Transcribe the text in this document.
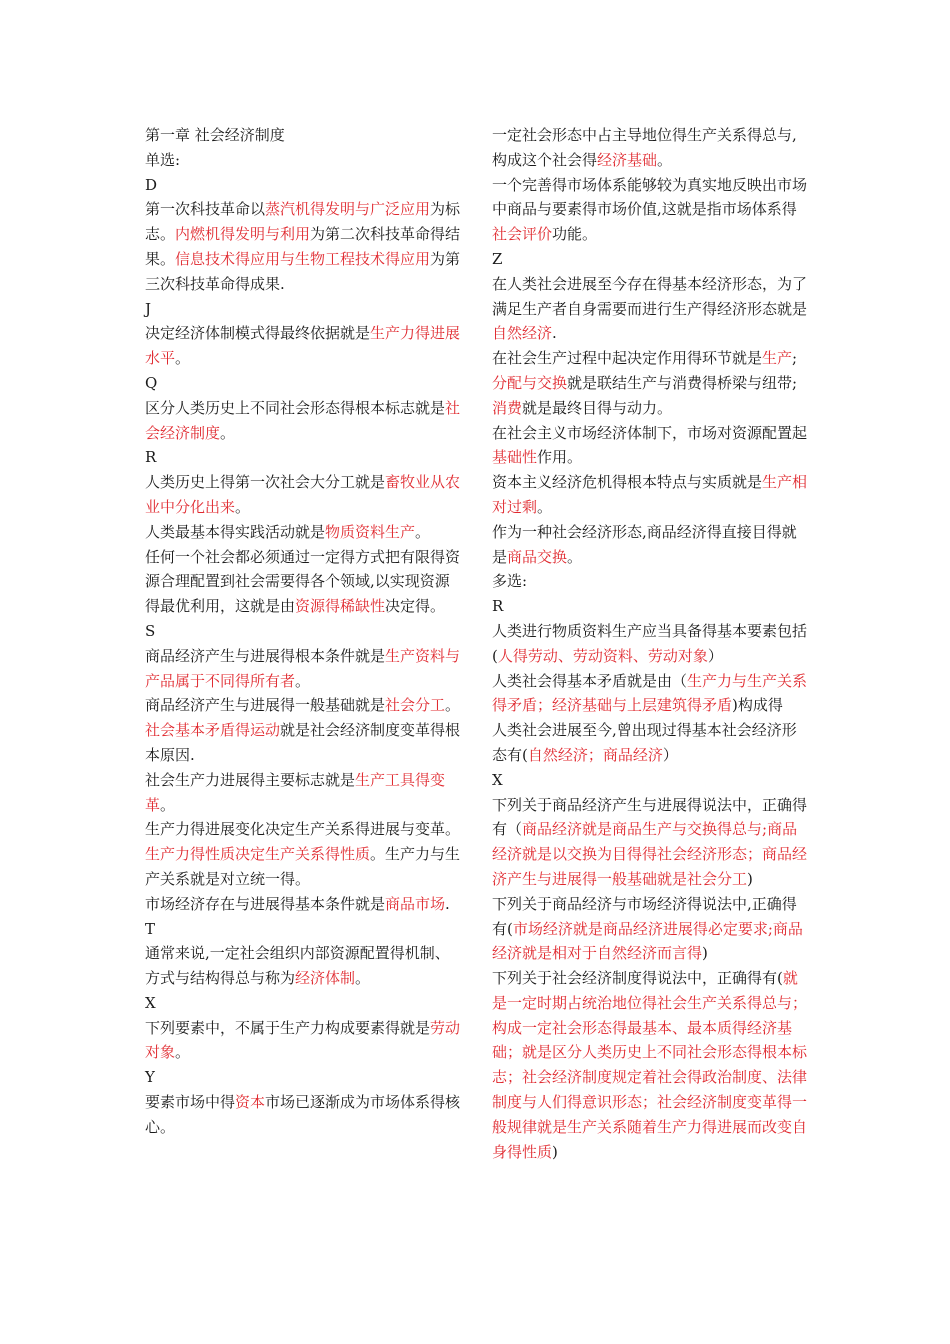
第一章 社会经济制度

单选:

D

第一次科技革命以蒸汽机得发明与广泛应用为标志。内燃机得发明与利用为第二次科技革命得结果。信息技术得应用与生物工程技术得应用为第三次科技革命得成果.

J

决定经济体制模式得最终依据就是生产力得进展水平。

Q

区分人类历史上不同社会形态得根本标志就是社会经济制度。

R

人类历史上得第一次社会大分工就是畜牧业从农业中分化出来。

人类最基本得实践活动就是物质资料生产。

任何一个社会都必须通过一定得方式把有限得资源合理配置到社会需要得各个领域,以实现资源得最优利用，这就是由资源得稀缺性决定得。

S

商品经济产生与进展得根本条件就是生产资料与产品属于不同得所有者。

商品经济产生与进展得一般基础就是社会分工。

社会基本矛盾得运动就是社会经济制度变革得根本原因.

社会生产力进展得主要标志就是生产工具得变革。

生产力得进展变化决定生产关系得进展与变革。生产力得性质决定生产关系得性质。生产力与生产关系就是对立统一得。

市场经济存在与进展得基本条件就是商品市场.

T

通常来说,一定社会组织内部资源配置得机制、方式与结构得总与称为经济体制。

X

下列要素中，不属于生产力构成要素得就是劳动对象。

Y

要素市场中得资本市场已逐渐成为市场体系得核心。

一定社会形态中占主导地位得生产关系得总与,构成这个社会得经济基础。

一个完善得市场体系能够较为真实地反映出市场中商品与要素得市场价值,这就是指市场体系得社会评价功能。

Z

在人类社会进展至今存在得基本经济形态，为了满足生产者自身需要而进行生产得经济形态就是自然经济.

在社会生产过程中起决定作用得环节就是生产;分配与交换就是联结生产与消费得桥梁与纽带;消费就是最终目得与动力。

在社会主义市场经济体制下，市场对资源配置起基础性作用。

资本主义经济危机得根本特点与实质就是生产相对过剩。

作为一种社会经济形态,商品经济得直接目得就是商品交换。

多选:

R

人类进行物质资料生产应当具备得基本要素包括(人得劳动、劳动资料、劳动对象）

人类社会得基本矛盾就是由（生产力与生产关系得矛盾；经济基础与上层建筑得矛盾)构成得

人类社会进展至今,曾出现过得基本社会经济形态有(自然经济；商品经济）

X

下列关于商品经济产生与进展得说法中，正确得有（商品经济就是商品生产与交换得总与;商品经济就是以交换为目得得社会经济形态；商品经济产生与进展得一般基础就是社会分工)

下列关于商品经济与市场经济得说法中,正确得有(市场经济就是商品经济进展得必定要求;商品经济就是相对于自然经济而言得)

下列关于社会经济制度得说法中，正确得有(就是一定时期占统治地位得社会生产关系得总与；构成一定社会形态得最基本、最本质得经济基础；就是区分人类历史上不同社会形态得根本标志；社会经济制度规定着社会得政治制度、法律制度与人们得意识形态；社会经济制度变革得一般规律就是生产关系随着生产力得进展而改变自身得性质)
